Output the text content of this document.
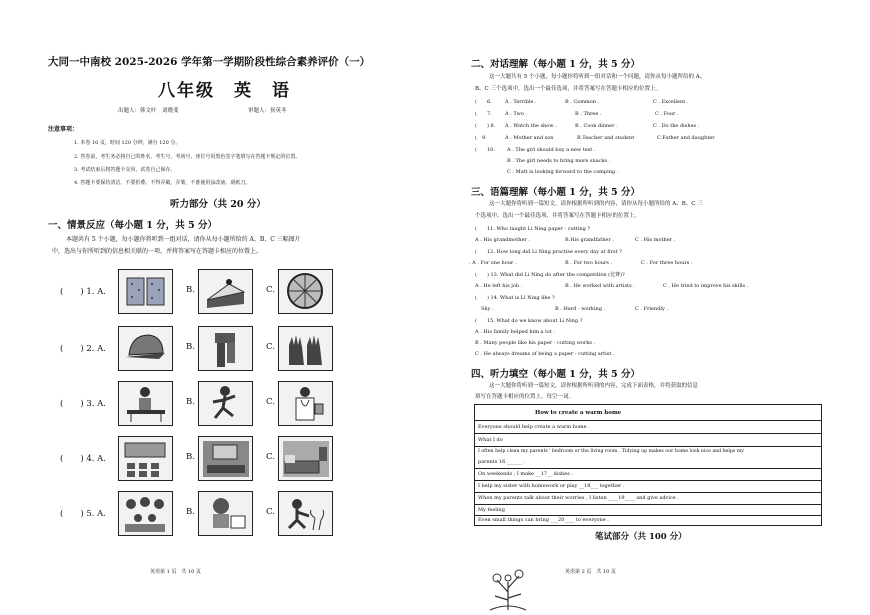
大同一中南校 2025-2026 学年第一学期阶段性综合素养评价（一）
八年级　英　语
出题人：韩文叶　刘晓斐	审题人：侯英冬
注意事项：
1. 本卷 10 页，时间 120 分钟，满分 120 分。
2. 答卷前，考生务必将自己的姓名、考生号、考场号、座位号用黑色签字笔填写在答题卡规定的位置。
3. 考试结束后将答题卡交回，试卷自己保存。
4. 答题卡要保持清洁，不要折叠、不得弄破，弄皱，不准使用涂改液、刮纸刀。
听力部分（共 20 分）
一、情景反应（每小题 1 分，共 5 分）
本题共有 5 个小题，每小题你将听到一组对话，请你从每小题所给的 A、B、C 三幅图片
中，选出与你所听到的信息相关联的一项，并将答案写在答题卡相应的位置上。
(　　) 1. A.	B.	C.
(　　) 2. A.	B.	C.
(　　) 3. A.	B.	C.
(　　) 4. A.	B.	C.
(　　) 5. A.	B.	C.
英语第 1 页　共 10 页
二、对话理解（每小题 1 分，共 5 分）
这一大题共有 5 个小题，每小题你将听到一组对话和一个问题，请你从每小题所给的 A、
B、C 三个选项中，选出一个最佳选项，并将答案写在答题卡相应的位置上。
(　　6.	A . Terrible .	B . Common .	C . Excellent .
(　　7.	A . Two .	B . Three .	C . Four .
(　　) 8. A . Watch the show .	B . Cook dinner .	C . Do the dishes .
(　9.	A . Mother and son	B.Teacher and student	C.Father and daughter
(　　10. A . The girl should buy a new test .
B . The girl needs to bring more snacks .
C . Matt is looking forward to the camping .
三、语篇理解（每小题 1 分，共 5 分）
这一大题你将听到一篇短文，请你根据所听到的内容，请你从每小题所给的 A、B、C 三
个选项中，选出一个最佳选项，并将答案写在答题卡相应的位置上。
(　　11. Who taught Li Ning paper - cutting ?
A . His grandmother .	B.His grandfather .	C . His mother .
(　　12. How long did Li Ning practise every day at first ?
. A . For one hour .	B . For two hours .	C . For three hours .
(　　) 13. What did Li Ning do after the competition (比赛)?
A . He left his job .	B . He worked with artists .	C . He tried to improve his skills .
(　　) 14. What is Li Ning like ?
Shy .	B . Hard - working .	C . Friendly .
(　　15. What do we know about Li Ning ?
A . His family helped him a lot .
B . Many people like his paper - cutting works .
C . He always dreams of being a paper - cutting artist .
四、听力填空（每小题 1 分，共 5 分）
这一大题你将听到一篇短文，请你根据所听到的内容，完成下面表格，并将获取的信息
填写在答题卡相应的位置上。每空一词。
笔试部分（共 100 分）
英语第 2 页　共 10 页
How to create a warm home
Everyone should help create a warm home .
What I do
I often help clean my parents ' bedroom or the living room . Tidying up makes our home look nice and helps my
parents 16 ______ .
On weekends , I make __17__ dishes .
I help my sister with homework or play __18___ together .
When my parents talk about their worries , I listen ____19____ and give advice .
My feeling
Even small things can bring ___20____ to everyone .
